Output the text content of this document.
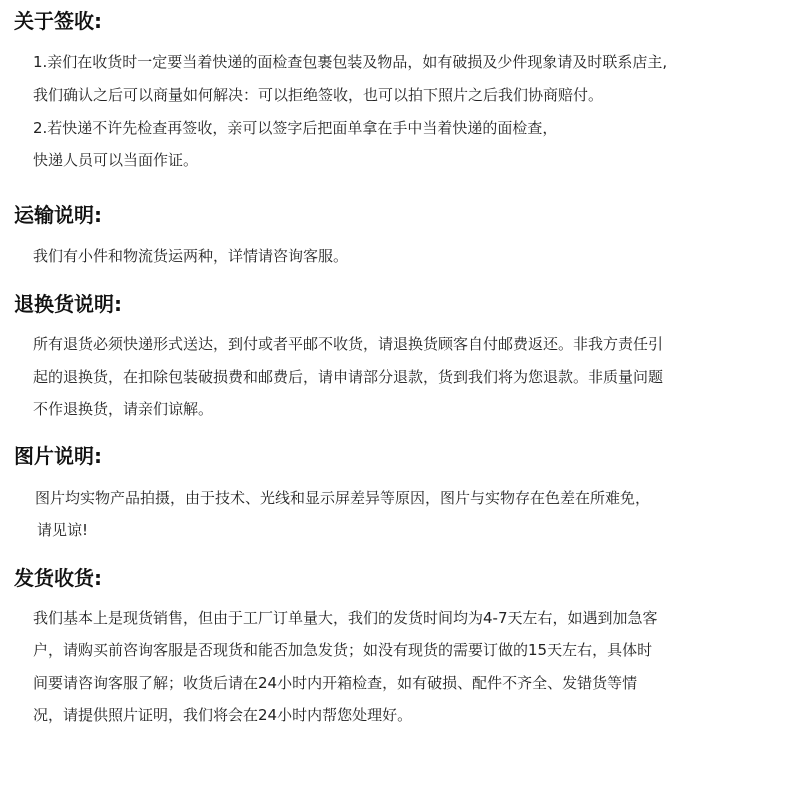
关于签收:
1.亲们在收货时一定要当着快递的面检查包裹包装及物品，如有破损及少件现象请及时联系店主,
我们确认之后可以商量如何解决：可以拒绝签收，也可以拍下照片之后我们协商赔付。
2.若快递不许先检查再签收，亲可以签字后把面单拿在手中当着快递的面检查，
快递人员可以当面作证。
运输说明:
我们有小件和物流货运两种，详情请咨询客服。
退换货说明:
所有退货必须快递形式送达，到付或者平邮不收货，请退换货顾客自付邮费返还。非我方责任引
起的退换货，在扣除包装破损费和邮费后，请申请部分退款，货到我们将为您退款。非质量问题
不作退换货，请亲们谅解。
图片说明:
图片均实物产品拍摄，由于技术、光线和显示屏差异等原因，图片与实物存在色差在所难免，
请见谅!
发货收货:
我们基本上是现货销售，但由于工厂订单量大，我们的发货时间均为4-7天左右，如遇到加急客
户，请购买前咨询客服是否现货和能否加急发货；如没有现货的需要订做的15天左右，具体时
间要请咨询客服了解；收货后请在24小时内开箱检查，如有破损、配件不齐全、发错货等情
况，请提供照片证明，我们将会在24小时内帮您处理好。
